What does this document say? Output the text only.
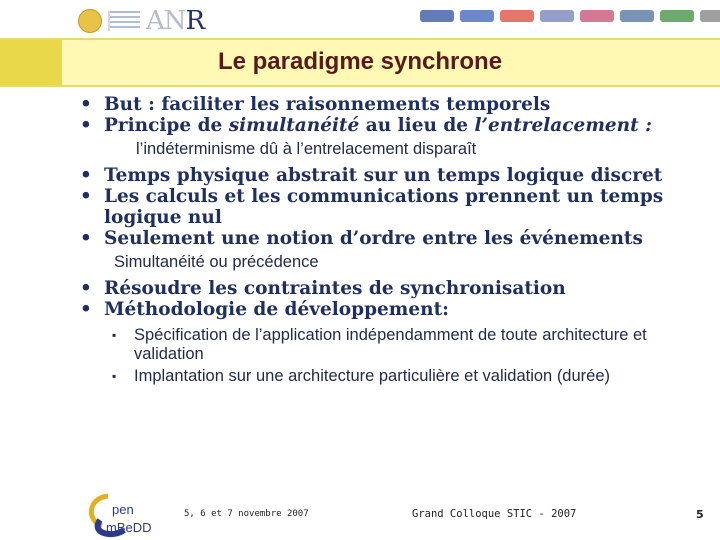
ANR
Le paradigme synchrone

• But : faciliter les raisonnements temporels

• Principe de simultanéité au lieu de l’entrelacement :

l’indéterminisme dû à l’entrelacement disparaît

• Temps physique abstrait sur un temps logique discret

• Les calculs et les communications prennent un temps logique nul

• Seulement une notion d’ordre entre les événements

Simultanéité ou précédence

• Résoudre les contraintes de synchronisation

• Méthodologie de développement:

▪ Spécification de l’application indépendamment de toute architecture et validation

▪ Implantation sur une architecture particulière et validation (durée)

pen
mBeDD
5, 6 et 7 novembre 2007	Grand Colloque STIC - 2007	5
